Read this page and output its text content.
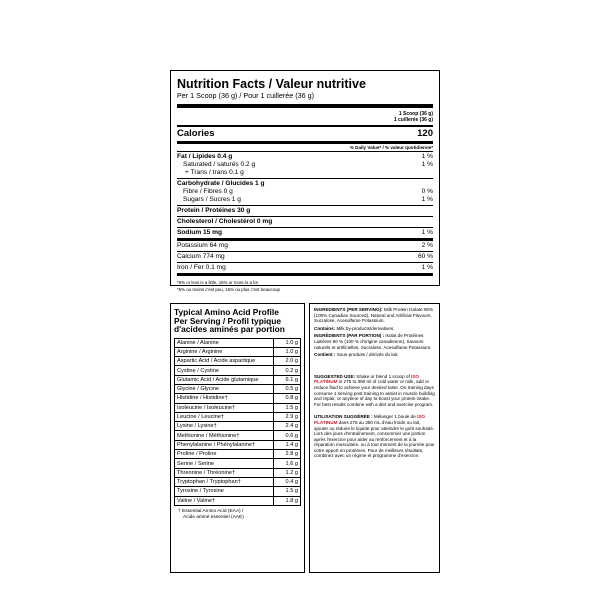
Nutrition Facts / Valeur nutritive
Per 1 Scoop (36 g) / Pour 1 cuillerée (36 g)
1 Scoop (36 g)
1 cuillerée (36 g)
Calories	120
% Daily Value* / % valeur quotidienne*
Fat / Lipides 0.4 g	1 %
Saturated / saturés 0.2 g	1 %
+ Trans / trans 0.1 g
Carbohydrate / Glucides 1 g
Fibre / Fibres 0 g	0 %
Sugars / Sucres 1 g	1 %
Protein / Protéines 30 g
Cholesterol / Cholestérol 0 mg
Sodium 15 mg	1 %
Potassium 64 mg	2 %
Calcium 774 mg	60 %
Iron / Fer 0.1 mg	1 %
*5% or less is a little, 15% or more is a lot
*5% ou moins c'est peu, 15% ou plus c'est beaucoup
Typical Amino Acid Profile
Per Serving / Profil typique
d'acides aminés par portion
Alanine / Alanine	1.0 g
Arginine / Arginine	1.0 g
Aspartic Acid / Acide aspartique	2.0 g
Cystine / Cystine	0.2 g
Glutamic Acid / Acide glutamique	6.1 g
Glycine / Glycine	0.5 g
Histidine / Histidine†	0.8 g
Isoleucine / Isoleucine†	1.5 g
Leucine / Leucine†	2.9 g
Lysine / Lysine†	2.4 g
Methionine / Méthionine†	0.6 g
Phenylalanine / Phénylalanine†	1.4 g
Proline / Proline	2.8 g
Serine / Serine	1.6 g
Threonine / Thréonine†	1.2 g
Tryptophan / Tryptophan†	0.4 g
Tyrosine / Tyrosine	1.5 g
Valine / Valine†	1.8 g
† Essential Amino Acid (EAA) /
Acide aminé essentiel (AAE)

INGREDIENTS (PER SERVING): Milk Protein Isolate 90% (100% Canadian Sourced), Natural and Artificial Flavours, Sucralose, Acesulfame Potassium.

Contains: Milk by-products/derivatives.

INGRÉDIENTS (PAR PORTION) : Isolat de Protéines Laitières 90 % (100 % d'origine canadienne), Saveurs naturels et artificielles, Sucralose, Acesulfame Potassium.

Contient : Sous-produits / dérivés du lait.

SUGGESTED USE: Shake or blend 1 scoop of ISO PLATINUM in 275 to 350 ml of cold water or milk, add or reduce fluid to achieve your desired taste. On training days consume 1 serving post training to assist in muscle building and repair, or anytime of day to boost your protein intake. For best results combine with a diet and exercise program.

UTILISATION SUGGÉRÉE : Mélanger 1 boule de ISO PLATINUM dans 275 au 350 mL d'eau froide ou lait, ajouter ou réduire le liquide pour atteindre le goût souhaité. Lors des jours d'entraînement, consommer une portion après l'exercice pour aider au renforcement et à la réparation musculaire, ou à tout moment de la journée pour votre apport en protéines. Pour de meilleurs résultats, combinez avec un régime et programme d'exercice.
